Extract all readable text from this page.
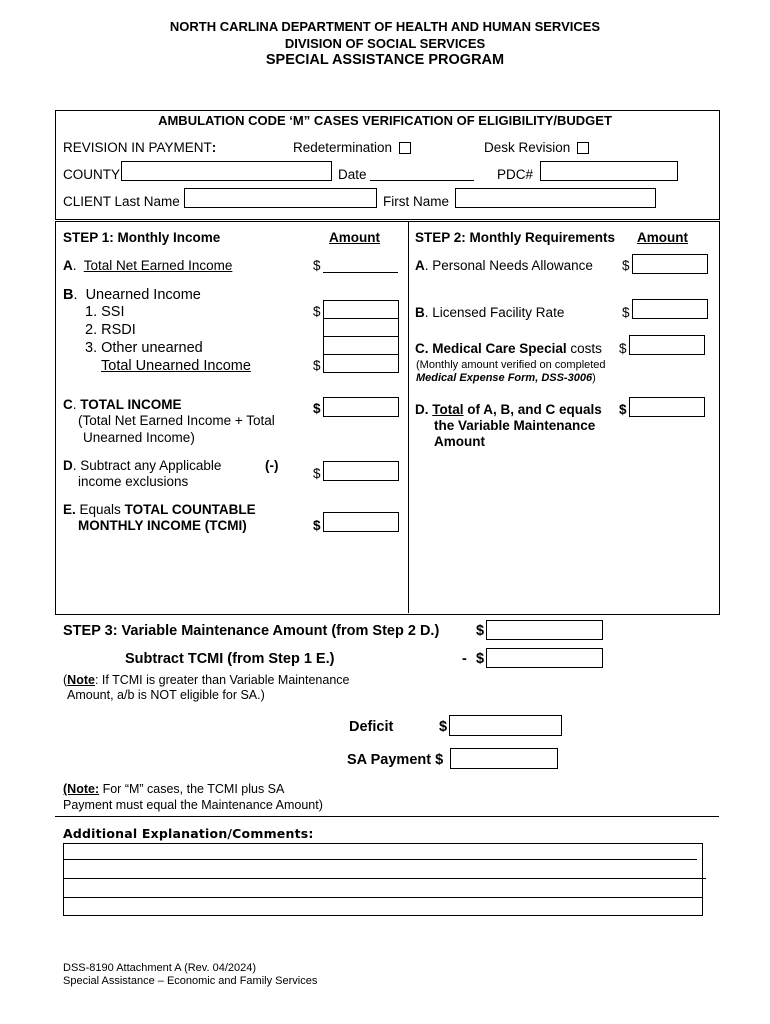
NORTH CARLINA DEPARTMENT OF HEALTH AND HUMAN SERVICES
DIVISION OF SOCIAL SERVICES
SPECIAL ASSISTANCE PROGRAM
AMBULATION CODE ‘M” CASES VERIFICATION OF ELIGIBILITY/BUDGET
REVISION IN PAYMENT:	Redetermination	Desk Revision
COUNTY	Date	PDC#
CLIENT Last Name	First Name
STEP 1: Monthly Income	Amount
A.  Total Net Earned Income	$
B.  Unearned Income
1. SSI	$
2. RSDI
3. Other unearned
Total Unearned Income	$
C. TOTAL INCOME
(Total Net Earned Income + Total
Unearned Income)
$
D. Subtract any Applicable	(-)
income exclusions
$
E. Equals TOTAL COUNTABLE
MONTHLY INCOME (TCMI)	$
STEP 2: Monthly Requirements Amount
A. Personal Needs Allowance $
B. Licensed Facility Rate	$
C. Medical Care Special costs $
(Monthly amount verified on completed
Medical Expense Form, DSS-3006)
D. Total of A, B, and C equals
the Variable Maintenance
Amount
$
STEP 3: Variable Maintenance Amount (from Step 2 D.)	$
Subtract TCMI (from Step 1 E.)	- $
(Note: If TCMI is greater than Variable Maintenance
Amount, a/b is NOT eligible for SA.)
Deficit	$
SA Payment $
(Note: For “M” cases, the TCMI plus SA
Payment must equal the Maintenance Amount)
Additional Explanation/Comments:
DSS-8190 Attachment A (Rev. 04/2024)
Special Assistance – Economic and Family Services
